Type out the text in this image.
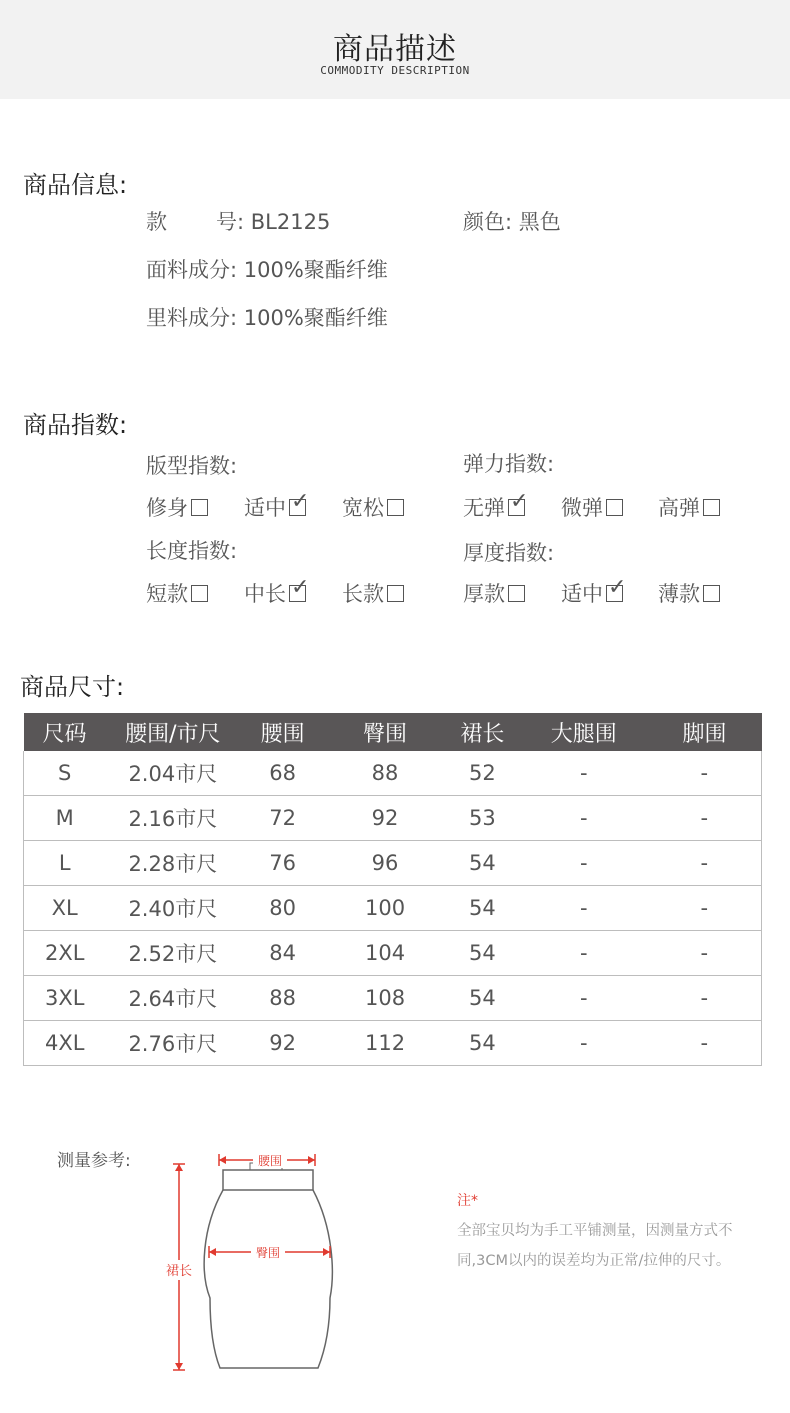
商品描述
COMMODITY DESCRIPTION
商品信息:
款 号: BL2125	颜色: 黑色
面料成分: 100%聚酯纤维
里料成分: 100%聚酯纤维
商品指数:
版型指数:	弹力指数:
修身	适中 ✓ 宽松	无弹 ✓ 微弹	高弹
长度指数:	厚度指数:
短款	中长 ✓ 长款	厚款	适中 ✓ 薄款
商品尺寸:
尺码	腰围/市尺	腰围	臀围	裙长	大腿围	脚围
S	2.04市尺	68	88	52	-	-
M	2.16市尺	72	92	53	-	-
L	2.28市尺	76	96	54	-	-
XL	2.40市尺	80	100	54	-	-
2XL	2.52市尺	84	104	54	-	-
3XL	2.64市尺	88	108	54	-	-
4XL	2.76市尺	92	112	54	-	-
测量参考:	腰围
臀围
裙长
注*
全部宝贝均为手工平铺测量，因测量方式不同,3CM以内的误差均为正常/拉伸的尺寸。
